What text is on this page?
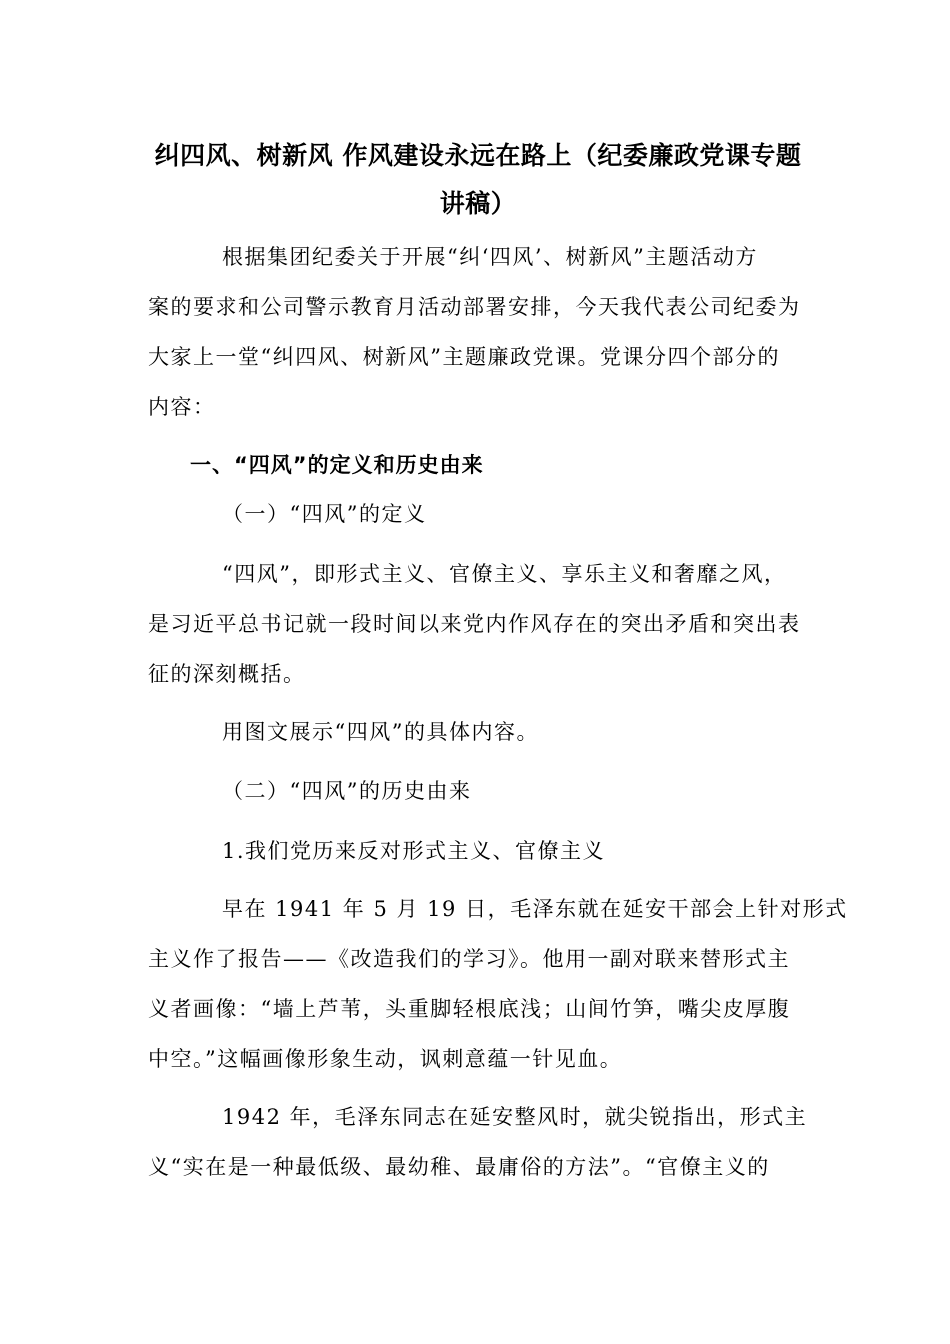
纠四风、树新风 作风建设永远在路上（纪委廉政党课专题
讲稿）
根据集团纪委关于开展“纠‘四风’、树新风”主题活动方
案的要求和公司警示教育月活动部署安排，今天我代表公司纪委为
大家上一堂“纠四风、树新风”主题廉政党课。党课分四个部分的
内容：
一、“四风”的定义和历史由来
（一）“四风”的定义
“四风”，即形式主义、官僚主义、享乐主义和奢靡之风，
是习近平总书记就一段时间以来党内作风存在的突出矛盾和突出表
征的深刻概括。
用图文展示“四风”的具体内容。
（二）“四风”的历史由来
1.我们党历来反对形式主义、官僚主义
早在 1941 年 5 月 19 日，毛泽东就在延安干部会上针对形式
主义作了报告——《改造我们的学习》。他用一副对联来替形式主
义者画像：“墙上芦苇，头重脚轻根底浅；山间竹笋，嘴尖皮厚腹
中空。”这幅画像形象生动，讽刺意蕴一针见血。
1942 年，毛泽东同志在延安整风时，就尖锐指出，形式主
义“实在是一种最低级、最幼稚、最庸俗的方法”。“官僚主义的
